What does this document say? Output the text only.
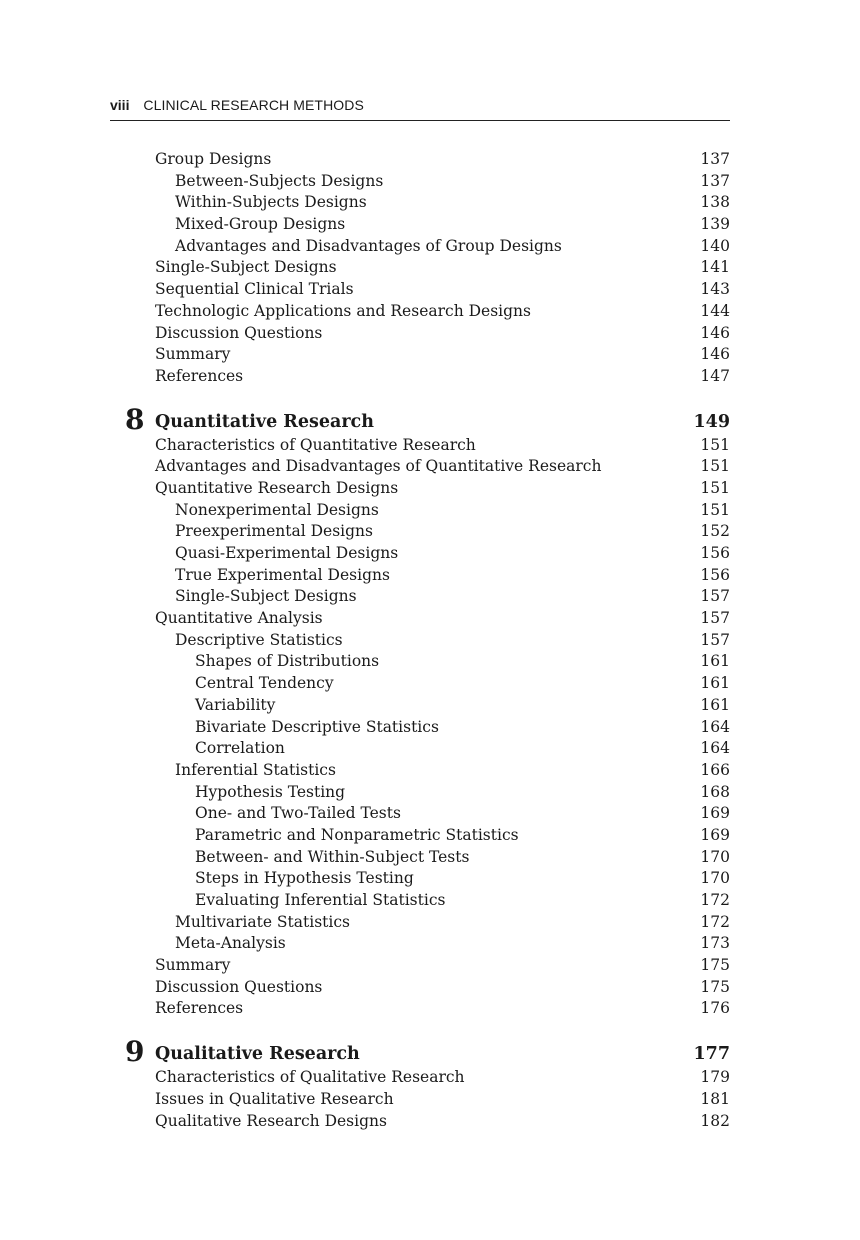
viii CLINICAL RESEARCH METHODS
Group Designs	137
Between-Subjects Designs	137
Within-Subjects Designs	138
Mixed-Group Designs	139
Advantages and Disadvantages of Group Designs	140
Single-Subject Designs	141
Sequential Clinical Trials	143
Technologic Applications and Research Designs	144
Discussion Questions	146
Summary	146
References	147
8 Quantitative Research	149
Characteristics of Quantitative Research	151
Advantages and Disadvantages of Quantitative Research	151
Quantitative Research Designs	151
Nonexperimental Designs	151
Preexperimental Designs	152
Quasi-Experimental Designs	156
True Experimental Designs	156
Single-Subject Designs	157
Quantitative Analysis	157
Descriptive Statistics	157
Shapes of Distributions	161
Central Tendency	161
Variability	161
Bivariate Descriptive Statistics	164
Correlation	164
Inferential Statistics	166
Hypothesis Testing	168
One- and Two-Tailed Tests	169
Parametric and Nonparametric Statistics	169
Between- and Within-Subject Tests	170
Steps in Hypothesis Testing	170
Evaluating Inferential Statistics	172
Multivariate Statistics	172
Meta-Analysis	173
Summary	175
Discussion Questions	175
References	176
9 Qualitative Research	177
Characteristics of Qualitative Research	179
Issues in Qualitative Research	181
Qualitative Research Designs	182
